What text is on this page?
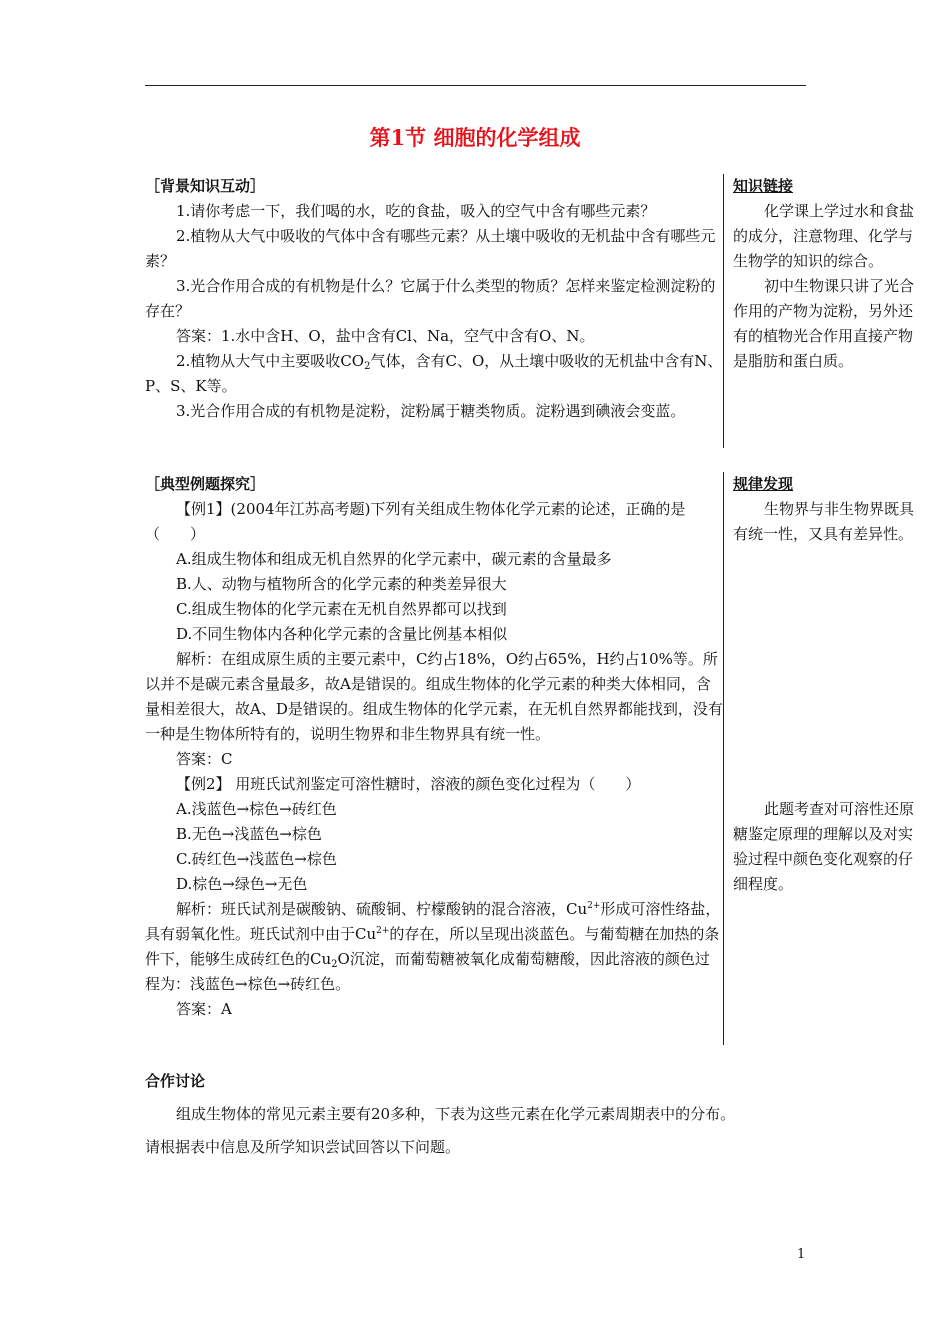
第1节 细胞的化学组成

［背景知识互动］

1.请你考虑一下，我们喝的水，吃的食盐，吸入的空气中含有哪些元素？

2.植物从大气中吸收的气体中含有哪些元素？从土壤中吸收的无机盐中含有哪些元素？

3.光合作用合成的有机物是什么？它属于什么类型的物质？怎样来鉴定检测淀粉的存在？

答案：1.水中含H、O，盐中含有Cl、Na，空气中含有O、N。

2.植物从大气中主要吸收$CO_2$气体，含有C、O，从土壤中吸收的无机盐中含有N、P、S、K等。

3.光合作用合成的有机物是淀粉，淀粉属于糖类物质。淀粉遇到碘液会变蓝。

知识链接

化学课上学过水和食盐的成分，注意物理、化学与生物学的知识的综合。

初中生物课只讲了光合作用的产物为淀粉，另外还有的植物光合作用直接产物是脂肪和蛋白质。

［典型例题探究］

【例1】(2004年江苏高考题)下列有关组成生物体化学元素的论述，正确的是（　　）

A.组成生物体和组成无机自然界的化学元素中，碳元素的含量最多

B.人、动物与植物所含的化学元素的种类差异很大

C.组成生物体的化学元素在无机自然界都可以找到

D.不同生物体内各种化学元素的含量比例基本相似

解析：在组成原生质的主要元素中，C约占18%，O约占65%，H约占10%等。所以并不是碳元素含量最多，故A是错误的。组成生物体的化学元素的种类大体相同，含量相差很大，故A、D是错误的。组成生物体的化学元素，在无机自然界都能找到，没有一种是生物体所特有的，说明生物界和非生物界具有统一性。

答案：C

【例2】 用班氏试剂鉴定可溶性糖时，溶液的颜色变化过程为（　　）

A.浅蓝色→棕色→砖红色

B.无色→浅蓝色→棕色

C.砖红色→浅蓝色→棕色

D.棕色→绿色→无色

解析：班氏试剂是碳酸钠、硫酸铜、柠檬酸钠的混合溶液，$Cu^{2+}$形成可溶性络盐，具有弱氧化性。班氏试剂中由于$Cu^{2+}$的存在，所以呈现出淡蓝色。与葡萄糖在加热的条件下，能够生成砖红色的$Cu_2O$沉淀，而葡萄糖被氧化成葡萄糖酸，因此溶液的颜色过程为：浅蓝色→棕色→砖红色。

答案：A

规律发现

生物界与非生物界既具有统一性，又具有差异性。

此题考查对可溶性还原糖鉴定原理的理解以及对实验过程中颜色变化观察的仔细程度。

合作讨论

组成生物体的常见元素主要有20多种，下表为这些元素在化学元素周期表中的分布。

请根据表中信息及所学知识尝试回答以下问题。

1
